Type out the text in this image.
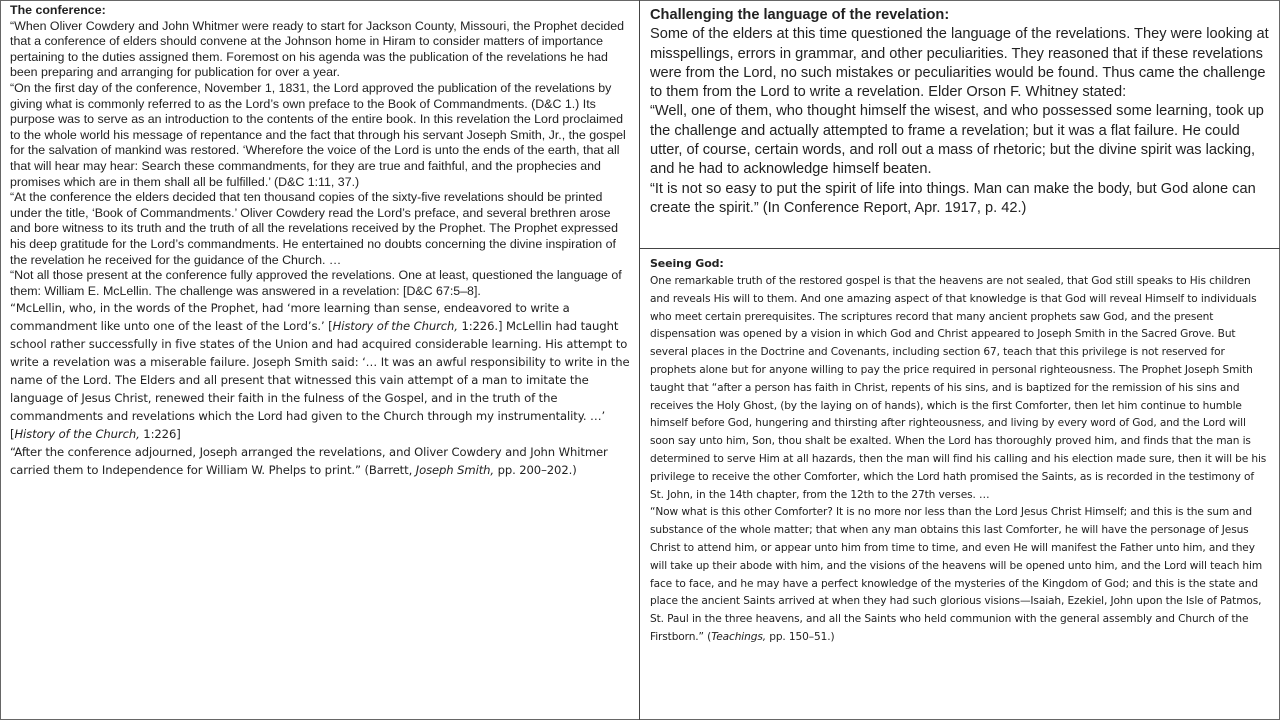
The conference:

“When Oliver Cowdery and John Whitmer were ready to start for Jackson County, Missouri, the Prophet decided that a conference of elders should convene at the Johnson home in Hiram to consider matters of importance pertaining to the duties assigned them. Foremost on his agenda was the publication of the revelations he had been preparing and arranging for publication for over a year.

“On the first day of the conference, November 1, 1831, the Lord approved the publication of the revelations by giving what is commonly referred to as the Lord’s own preface to the Book of Commandments. (D&C 1.) Its purpose was to serve as an introduction to the contents of the entire book. In this revelation the Lord proclaimed to the whole world his message of repentance and the fact that through his servant Joseph Smith, Jr., the gospel for the salvation of mankind was restored. ‘Wherefore the voice of the Lord is unto the ends of the earth, that all that will hear may hear: Search these commandments, for they are true and faithful, and the prophecies and promises which are in them shall all be fulfilled.’ (D&C 1:11, 37.)

“At the conference the elders decided that ten thousand copies of the sixty-five revelations should be printed under the title, ‘Book of Commandments.’ Oliver Cowdery read the Lord’s preface, and several brethren arose and bore witness to its truth and the truth of all the revelations received by the Prophet. The Prophet expressed his deep gratitude for the Lord’s commandments. He entertained no doubts concerning the divine inspiration of the revelation he received for the guidance of the Church. …

“Not all those present at the conference fully approved the revelations. One at least, questioned the language of them: William E. McLellin. The challenge was answered in a revelation: [D&C 67:5–8].

“McLellin, who, in the words of the Prophet, had ‘more learning than sense, endeavored to write a commandment like unto one of the least of the Lord’s.’ [History of the Church, 1:226.] McLellin had taught school rather successfully in five states of the Union and had acquired considerable learning. His attempt to write a revelation was a miserable failure. Joseph Smith said: ‘… It was an awful responsibility to write in the name of the Lord. The Elders and all present that witnessed this vain attempt of a man to imitate the language of Jesus Christ, renewed their faith in the fulness of the Gospel, and in the truth of the commandments and revelations which the Lord had given to the Church through my instrumentality. …’ [History of the Church, 1:226]

“After the conference adjourned, Joseph arranged the revelations, and Oliver Cowdery and John Whitmer carried them to Independence for William W. Phelps to print.” (Barrett, Joseph Smith, pp. 200–202.)

Challenging the language of the revelation:

Some of the elders at this time questioned the language of the revelations. They were looking at misspellings, errors in grammar, and other peculiarities. They reasoned that if these revelations were from the Lord, no such mistakes or peculiarities would be found. Thus came the challenge to them from the Lord to write a revelation. Elder Orson F. Whitney stated:

“Well, one of them, who thought himself the wisest, and who possessed some learning, took up the challenge and actually attempted to frame a revelation; but it was a flat failure. He could utter, of course, certain words, and roll out a mass of rhetoric; but the divine spirit was lacking, and he had to acknowledge himself beaten.

“It is not so easy to put the spirit of life into things. Man can make the body, but God alone can create the spirit.” (In Conference Report, Apr. 1917, p. 42.)

Seeing God:

One remarkable truth of the restored gospel is that the heavens are not sealed, that God still speaks to His children and reveals His will to them. And one amazing aspect of that knowledge is that God will reveal Himself to individuals who meet certain prerequisites. The scriptures record that many ancient prophets saw God, and the present dispensation was opened by a vision in which God and Christ appeared to Joseph Smith in the Sacred Grove. But several places in the Doctrine and Covenants, including section 67, teach that this privilege is not reserved for prophets alone but for anyone willing to pay the price required in personal righteousness. The Prophet Joseph Smith taught that “after a person has faith in Christ, repents of his sins, and is baptized for the remission of his sins and receives the Holy Ghost, (by the laying on of hands), which is the first Comforter, then let him continue to humble himself before God, hungering and thirsting after righteousness, and living by every word of God, and the Lord will soon say unto him, Son, thou shalt be exalted. When the Lord has thoroughly proved him, and finds that the man is determined to serve Him at all hazards, then the man will find his calling and his election made sure, then it will be his privilege to receive the other Comforter, which the Lord hath promised the Saints, as is recorded in the testimony of St. John, in the 14th chapter, from the 12th to the 27th verses. …

“Now what is this other Comforter? It is no more nor less than the Lord Jesus Christ Himself; and this is the sum and substance of the whole matter; that when any man obtains this last Comforter, he will have the personage of Jesus Christ to attend him, or appear unto him from time to time, and even He will manifest the Father unto him, and they will take up their abode with him, and the visions of the heavens will be opened unto him, and the Lord will teach him face to face, and he may have a perfect knowledge of the mysteries of the Kingdom of God; and this is the state and place the ancient Saints arrived at when they had such glorious visions—Isaiah, Ezekiel, John upon the Isle of Patmos, St. Paul in the three heavens, and all the Saints who held communion with the general assembly and Church of the Firstborn.” (Teachings, pp. 150–51.)
